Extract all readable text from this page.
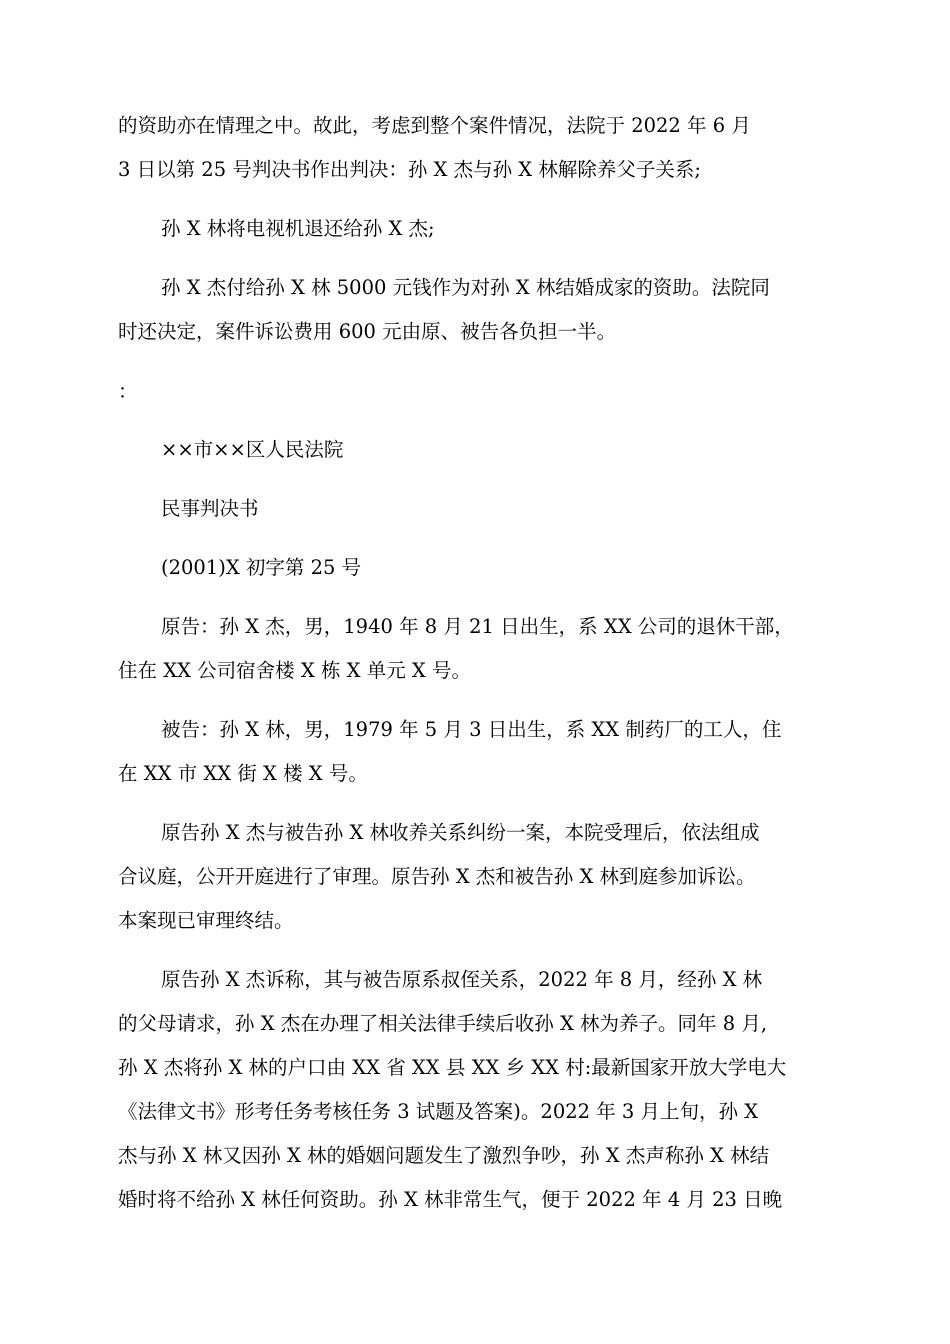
的资助亦在情理之中。故此，考虑到整个案件情况，法院于 2022 年 6 月
3 日以第 25 号判决书作出判决：孙 X 杰与孙 X 林解除养父子关系;
孙 X 林将电视机退还给孙 X 杰;
孙 X 杰付给孙 X 林 5000 元钱作为对孙 X 林结婚成家的资助。法院同
时还决定，案件诉讼费用 600 元由原、被告各负担一半。
：
××市××区人民法院
民事判决书
(2001)X 初字第 25 号
原告：孙 X 杰，男，1940 年 8 月 21 日出生，系 XX 公司的退休干部，
住在 XX 公司宿舍楼 X 栋 X 单元 X 号。
被告：孙 X 林，男，1979 年 5 月 3 日出生，系 XX 制药厂的工人，住
在 XX 市 XX 街 X 楼 X 号。
原告孙 X 杰与被告孙 X 林收养关系纠纷一案，本院受理后，依法组成
合议庭，公开开庭进行了审理。原告孙 X 杰和被告孙 X 林到庭参加诉讼。
本案现已审理终结。
原告孙 X 杰诉称，其与被告原系叔侄关系，2022 年 8 月，经孙 X 林
的父母请求，孙 X 杰在办理了相关法律手续后收孙 X 林为养子。同年 8 月,
孙 X 杰将孙 X 林的户口由 XX 省 XX 县 XX 乡 XX 村:最新国家开放大学电大
《法律文书》形考任务考核任务 3 试题及答案)。2022 年 3 月上旬，孙 X
杰与孙 X 林又因孙 X 林的婚姻问题发生了激烈争吵，孙 X 杰声称孙 X 林结
婚时将不给孙 X 林任何资助。孙 X 林非常生气，便于 2022 年 4 月 23 日晚
